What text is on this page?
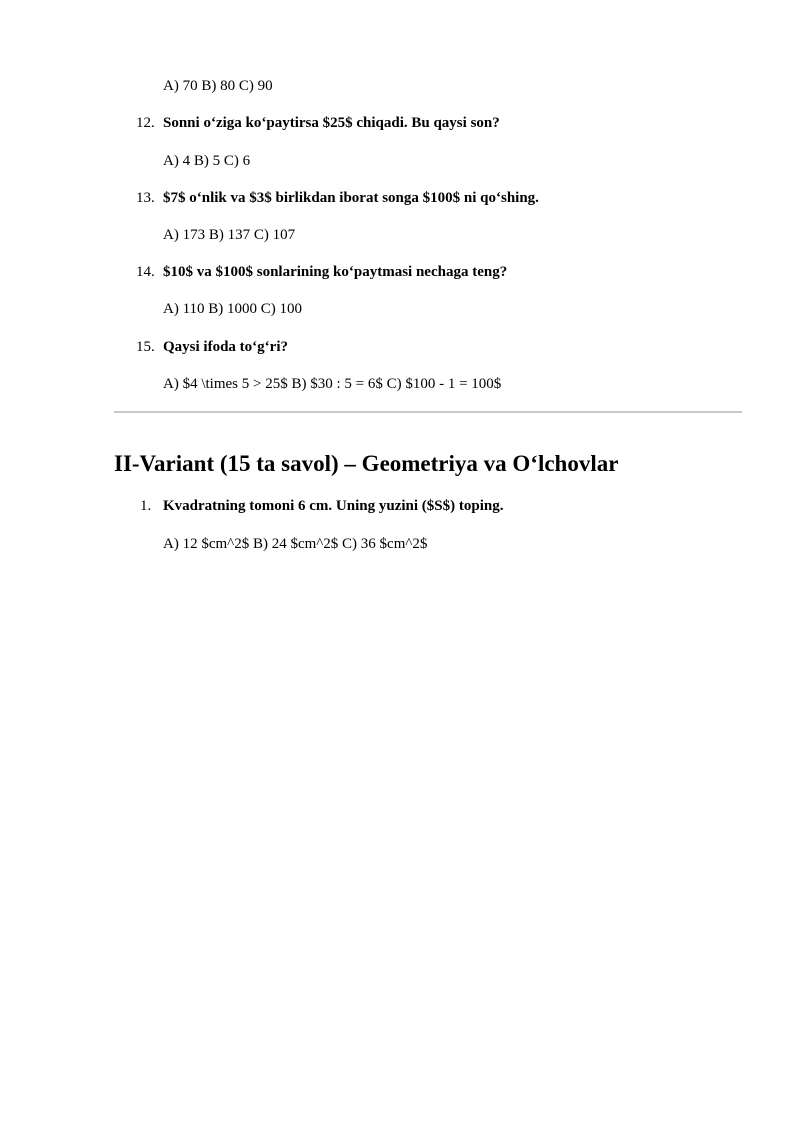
A) 70 B) 80 C) 90
12. Sonni o‘ziga ko‘paytirsa $25$ chiqadi. Bu qaysi son?
A) 4 B) 5 C) 6
13. $7$ o‘nlik va $3$ birlikdan iborat songa $100$ ni qo‘shing.
A) 173 B) 137 C) 107
14. $10$ va $100$ sonlarining ko‘paytmasi nechaga teng?
A) 110 B) 1000 C) 100
15. Qaysi ifoda to‘g‘ri?
A) $4 \times 5 > 25$ B) $30 : 5 = 6$ C) $100 - 1 = 100$
II-Variant (15 ta savol) – Geometriya va O‘lchovlar
1. Kvadratning tomoni 6 cm. Uning yuzini ($S$) toping.
A) 12 $cm^2$ B) 24 $cm^2$ C) 36 $cm^2$
